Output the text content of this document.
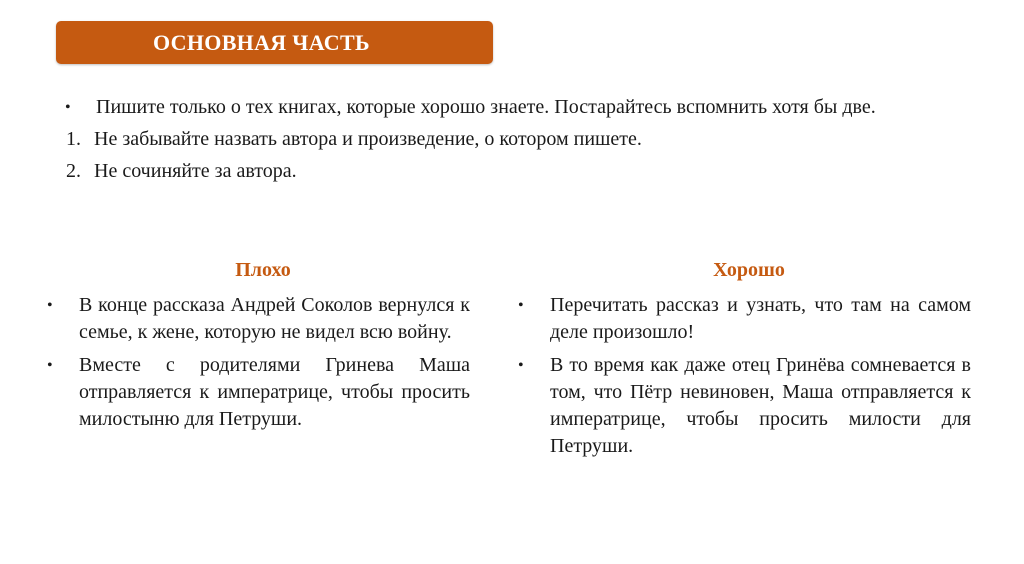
ОСНОВНАЯ ЧАСТЬ
•	Пишите только о тех книгах, которые хорошо знаете. Постарайтесь вспомнить хотя бы две.
1. Не забывайте назвать автора и произведение, о котором пишете.
2. Не сочиняйте за автора.
Плохо
• В конце рассказа Андрей Соколов вернулся к семье, к жене, которую не видел всю войну.
• Вместе с родителями Гринева Маша отправляется к императрице, чтобы просить милостыню для Петруши.
Хорошо
• Перечитать рассказ и узнать, что там на самом деле произошло!
• В то время как даже отец Гринёва сомневается в том, что Пётр невиновен, Маша отправляется к императрице, чтобы просить милости для Петруши.
